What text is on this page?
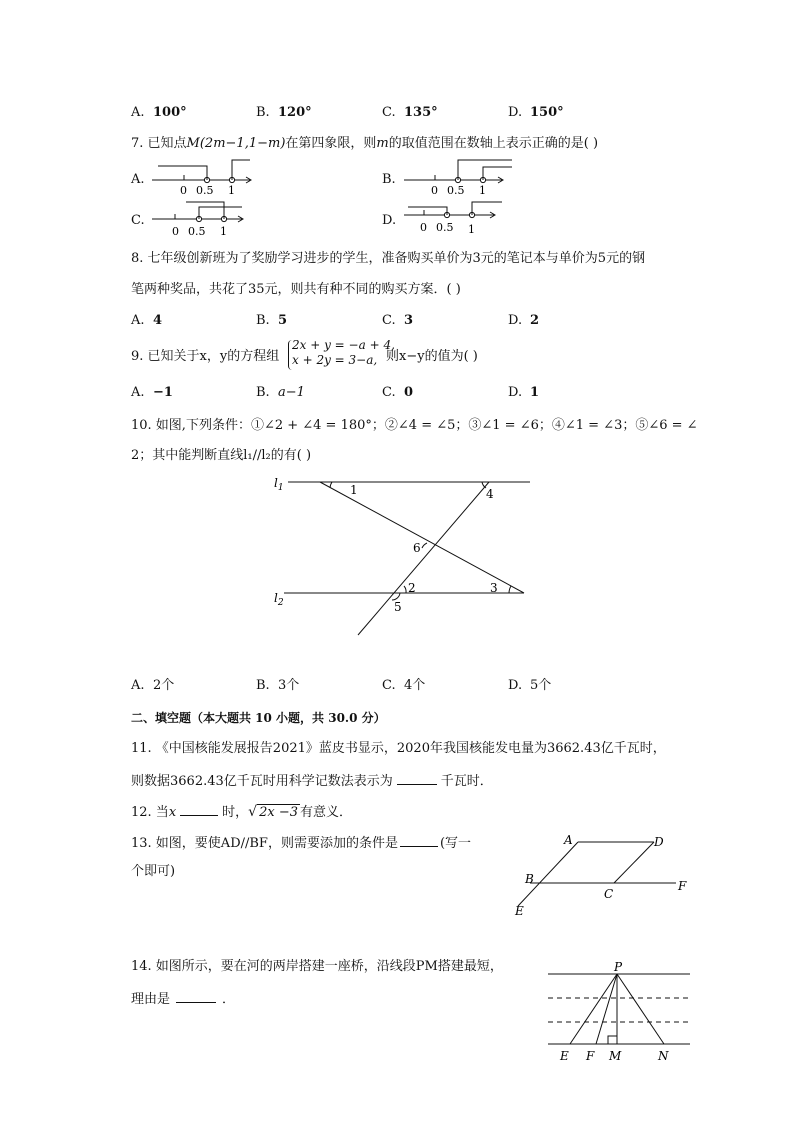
A. 100°	B. 120°	C. 135°	D. 150°
7. 已知点M(2m−1,1−m)在第四象限，则m的取值范围在数轴上表示正确的是( )
A.
0 0.5 1
B.
0 0.5 1
C.
0 0.5 1
D. 0 0.5 1
8. 七年级创新班为了奖励学习进步的学生，准备购买单价为3元的笔记本与单价为5元的钢
笔两种奖品，共花了35元，则共有种不同的购买方案．( )
A. 4	B. 5	C. 3	D. 2
9. 已知关于x，y的方程组
2x + y = −a + 4,
x + 2y = 3−a, 则x−y的值为( )
A. −1	B. a−1	C. 0	D. 1
10. 如图,下列条件：①∠2 + ∠4 = 180°；②∠4 = ∠5；③∠1 = ∠6；④∠1 = ∠3；⑤∠6 = ∠
2；其中能判断直线l₁//l₂的有( )
$l_1$
$l_2$
1
2	3
4
5
6
A. 2个	B. 3个	C. 4个	D. 5个
二、填空题（本大题共 10 小题，共 30.0 分）
11. 《中国核能发展报告2021》蓝皮书显示，2020年我国核能发电量为3662.43亿千瓦时，
则数据3662.43亿千瓦时用科学记数法表示为	千瓦时．
12. 当x	时，√ 2x −3 有意义．
13. 如图，要使AD//BF，则需要添加的条件是	(写一
个即可)
A	D
B
C
F
E
14. 如图所示，要在河的两岸搭建一座桥，沿线段PM搭建最短，
理由是	．
P
E F M	N
